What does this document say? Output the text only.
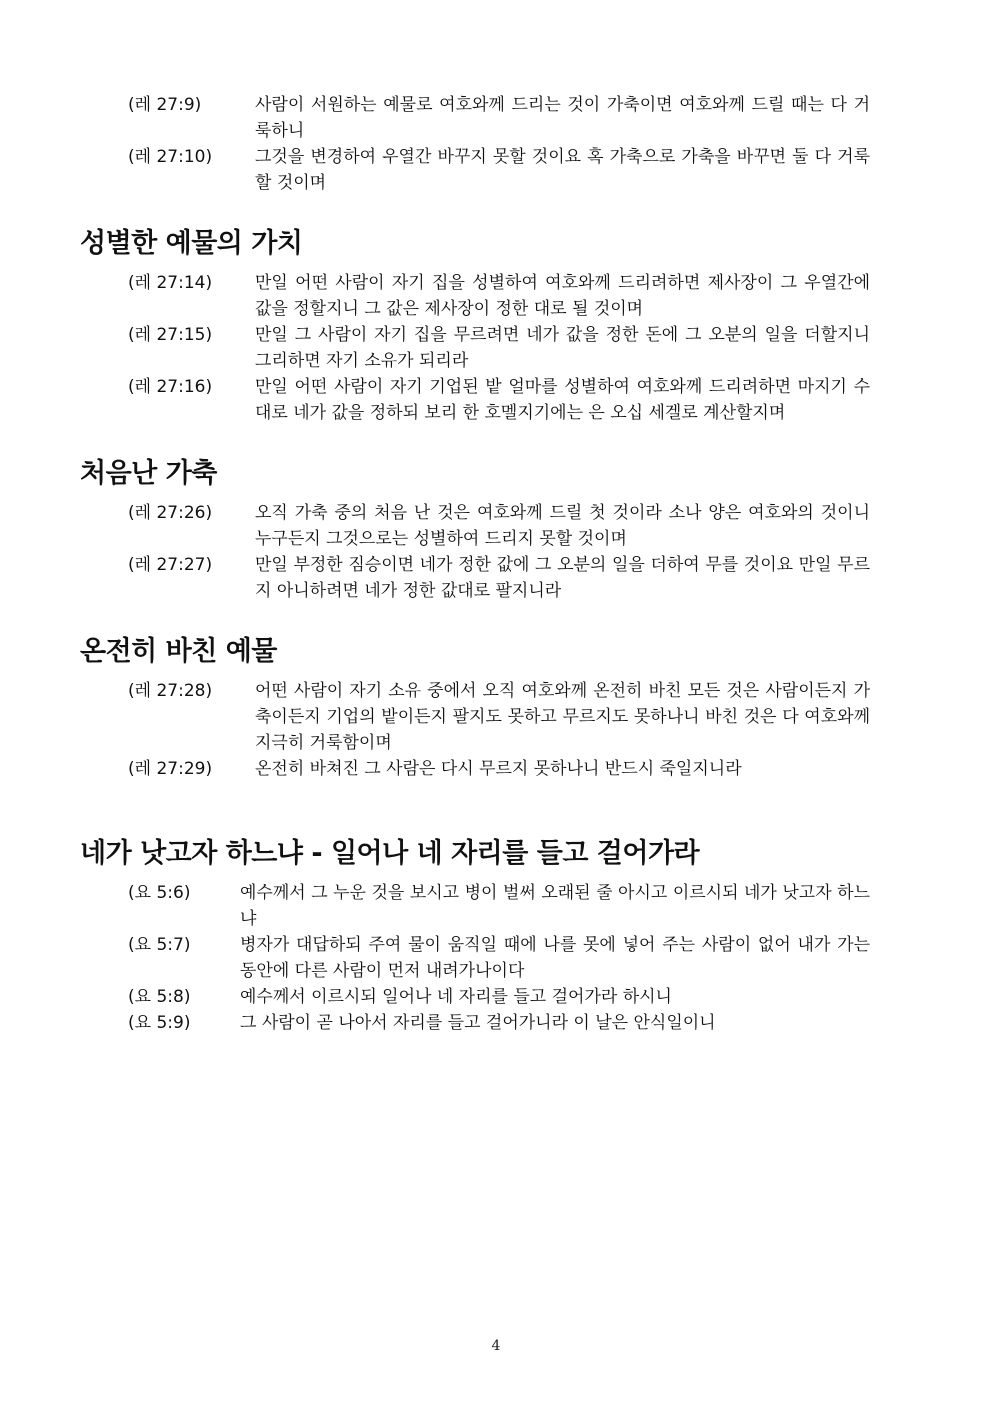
(레 27:9)	사람이 서원하는 예물로 여호와께 드리는 것이 가축이면 여호와께 드릴 때는 다 거룩하니
(레 27:10)	그것을 변경하여 우열간 바꾸지 못할 것이요 혹 가축으로 가축을 바꾸면 둘 다 거룩할 것이며
성별한 예물의 가치
(레 27:14)	만일 어떤 사람이 자기 집을 성별하여 여호와께 드리려하면 제사장이 그 우열간에 값을 정할지니 그 값은 제사장이 정한 대로 될 것이며
(레 27:15)	만일 그 사람이 자기 집을 무르려면 네가 값을 정한 돈에 그 오분의 일을 더할지니 그리하면 자기 소유가 되리라
(레 27:16)	만일 어떤 사람이 자기 기업된 밭 얼마를 성별하여 여호와께 드리려하면 마지기 수대로 네가 값을 정하되 보리 한 호멜지기에는 은 오십 세겔로 계산할지며
처음난 가축
(레 27:26)	오직 가축 중의 처음 난 것은 여호와께 드릴 첫 것이라 소나 양은 여호와의 것이니 누구든지 그것으로는 성별하여 드리지 못할 것이며
(레 27:27)	만일 부정한 짐승이면 네가 정한 값에 그 오분의 일을 더하여 무를 것이요 만일 무르지 아니하려면 네가 정한 값대로 팔지니라
온전히 바친 예물
(레 27:28)	어떤 사람이 자기 소유 중에서 오직 여호와께 온전히 바친 모든 것은 사람이든지 가축이든지 기업의 밭이든지 팔지도 못하고 무르지도 못하나니 바친 것은 다 여호와께 지극히 거룩함이며
(레 27:29)	온전히 바쳐진 그 사람은 다시 무르지 못하나니 반드시 죽일지니라
네가 낫고자 하느냐 - 일어나 네 자리를 들고 걸어가라
(요 5:6)	예수께서 그 누운 것을 보시고 병이 벌써 오래된 줄 아시고 이르시되 네가 낫고자 하느냐
(요 5:7)	병자가 대답하되 주여 물이 움직일 때에 나를 못에 넣어 주는 사람이 없어 내가 가는 동안에 다른 사람이 먼저 내려가나이다
(요 5:8)	예수께서 이르시되 일어나 네 자리를 들고 걸어가라 하시니
(요 5:9)	그 사람이 곧 나아서 자리를 들고 걸어가니라 이 날은 안식일이니
4
